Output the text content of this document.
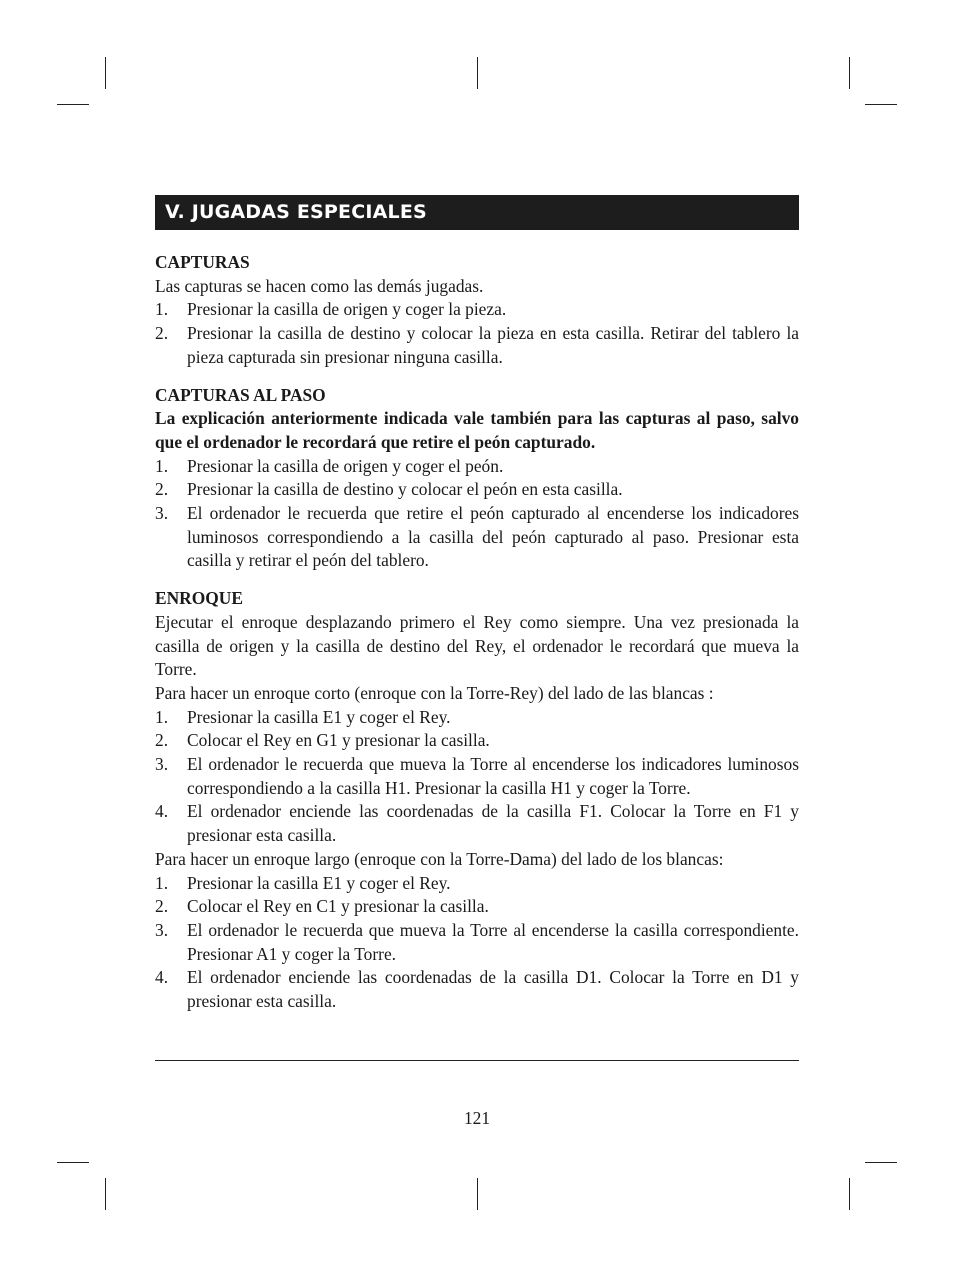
V. JUGADAS ESPECIALES

CAPTURAS

Las capturas se hacen como las demás jugadas.

1. Presionar la casilla de origen y coger la pieza.
2. Presionar la casilla de destino y colocar la pieza en esta casilla. Retirar del tablero la pieza capturada sin presionar ninguna casilla.

CAPTURAS AL PASO

La explicación anteriormente indicada vale también para las capturas al paso, salvo que el ordenador le recordará que retire el peón capturado.

1. Presionar la casilla de origen y coger el peón.
2. Presionar la casilla de destino y colocar el peón en esta casilla.
3. El ordenador le recuerda que retire el peón capturado al encenderse los indicadores luminosos correspondiendo a la casilla del peón capturado al paso. Presionar esta casilla y retirar el peón del tablero.

ENROQUE

Ejecutar el enroque desplazando primero el Rey como siempre. Una vez presionada la casilla de origen y la casilla de destino del Rey, el ordenador le recordará que mueva la Torre.

Para hacer un enroque corto (enroque con la Torre-Rey) del lado de las blancas :

1. Presionar la casilla E1 y coger el Rey.
2. Colocar el Rey en G1 y presionar la casilla.
3. El ordenador le recuerda que mueva la Torre al encenderse los indicadores luminosos correspondiendo a la casilla H1. Presionar la casilla H1 y coger la Torre.
4. El ordenador enciende las coordenadas de la casilla F1. Colocar la Torre en F1 y presionar esta casilla.

Para hacer un enroque largo (enroque con la Torre-Dama) del lado de los blancas:

1. Presionar la casilla E1 y coger el Rey.
2. Colocar el Rey en C1 y presionar la casilla.
3. El ordenador le recuerda que mueva la Torre al encenderse la casilla correspondiente. Presionar A1 y coger la Torre.
4. El ordenador enciende las coordenadas de la casilla D1. Colocar la Torre en D1 y presionar esta casilla.
121
